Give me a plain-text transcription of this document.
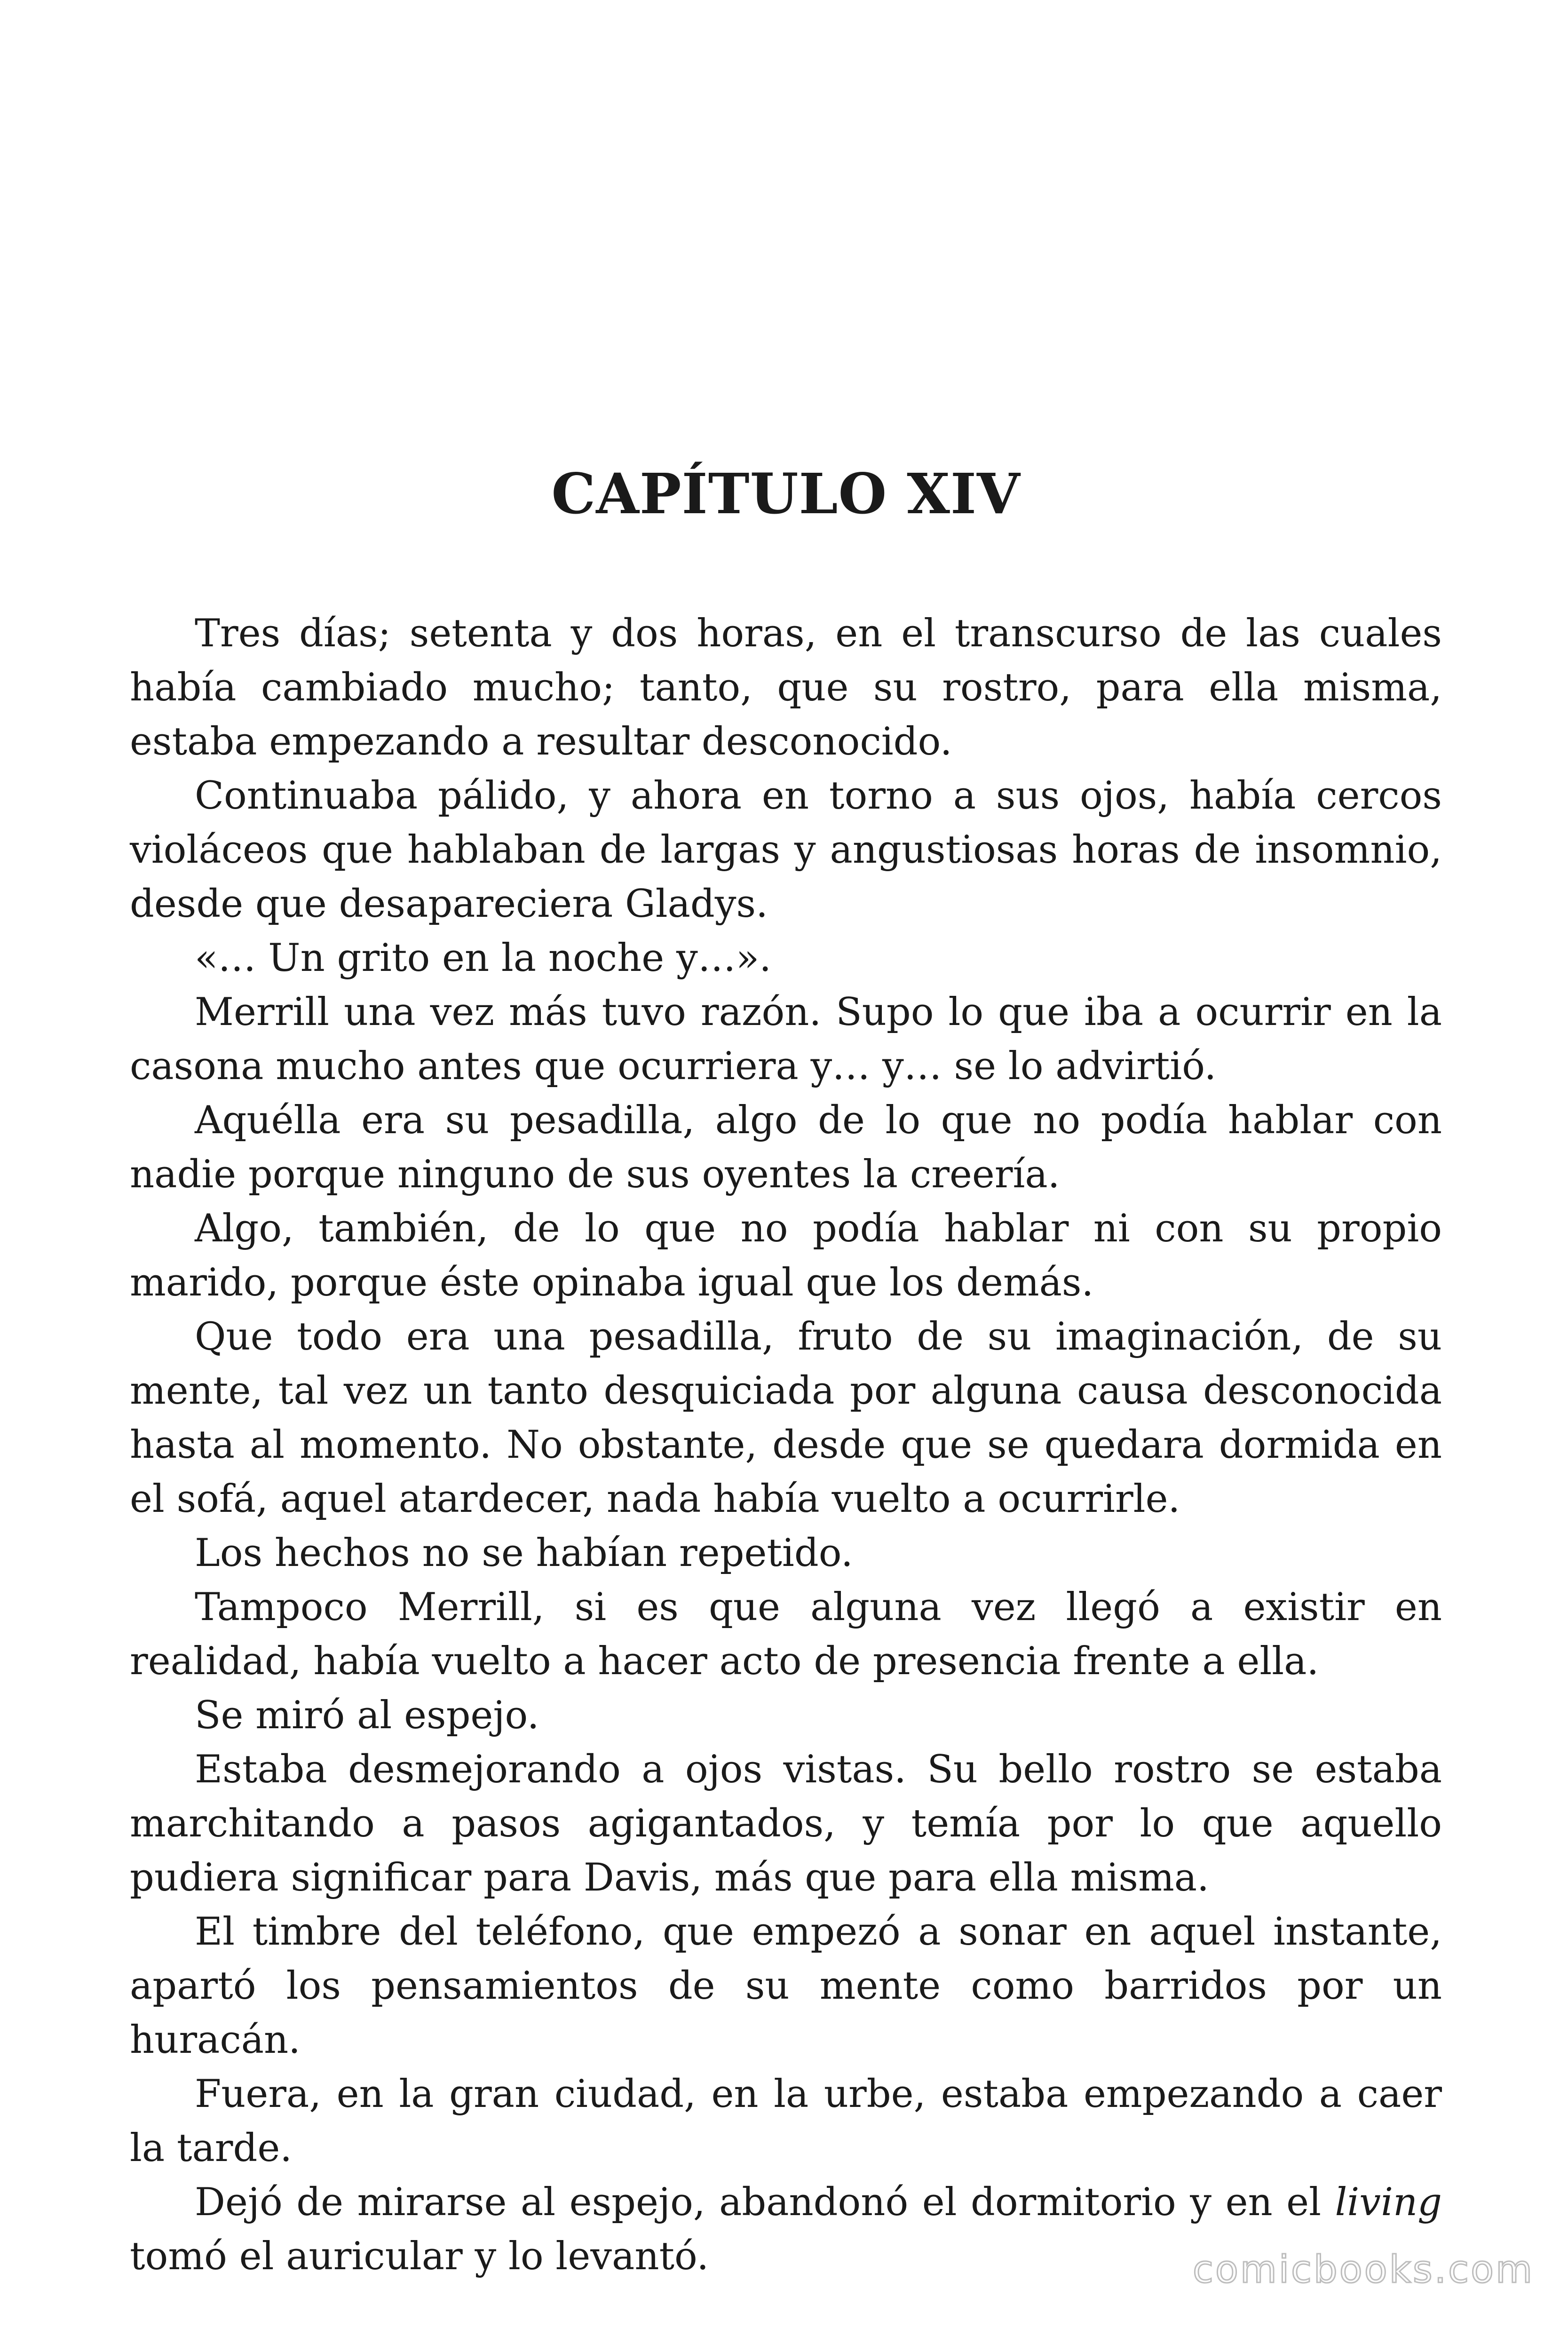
CAPÍTULO XIV

Tres días; setenta y dos horas, en el transcurso de las cuales había cambiado mucho; tanto, que su rostro, para ella misma, estaba empezando a resultar desconocido.

Continuaba pálido, y ahora en torno a sus ojos, había cercos violáceos que hablaban de largas y angustiosas horas de insomnio, desde que desapareciera Gladys.

«… Un grito en la noche y…».

Merrill una vez más tuvo razón. Supo lo que iba a ocurrir en la casona mucho antes que ocurriera y… y… se lo advirtió.

Aquélla era su pesadilla, algo de lo que no podía hablar con nadie porque ninguno de sus oyentes la creería.

Algo, también, de lo que no podía hablar ni con su propio marido, porque éste opinaba igual que los demás.

Que todo era una pesadilla, fruto de su imaginación, de su mente, tal vez un tanto desquiciada por alguna causa desconocida hasta al momento. No obstante, desde que se quedara dormida en el sofá, aquel atardecer, nada había vuelto a ocurrirle.

Los hechos no se habían repetido.

Tampoco Merrill, si es que alguna vez llegó a existir en realidad, había vuelto a hacer acto de presencia frente a ella.

Se miró al espejo.

Estaba desmejorando a ojos vistas. Su bello rostro se estaba marchitando a pasos agigantados, y temía por lo que aquello pudiera significar para Davis, más que para ella misma.

El timbre del teléfono, que empezó a sonar en aquel instante, apartó los pensamientos de su mente como barridos por un huracán.

Fuera, en la gran ciudad, en la urbe, estaba empezando a caer la tarde.

Dejó de mirarse al espejo, abandonó el dormitorio y en el living tomó el auricular y lo levantó.	comicbooks.com
